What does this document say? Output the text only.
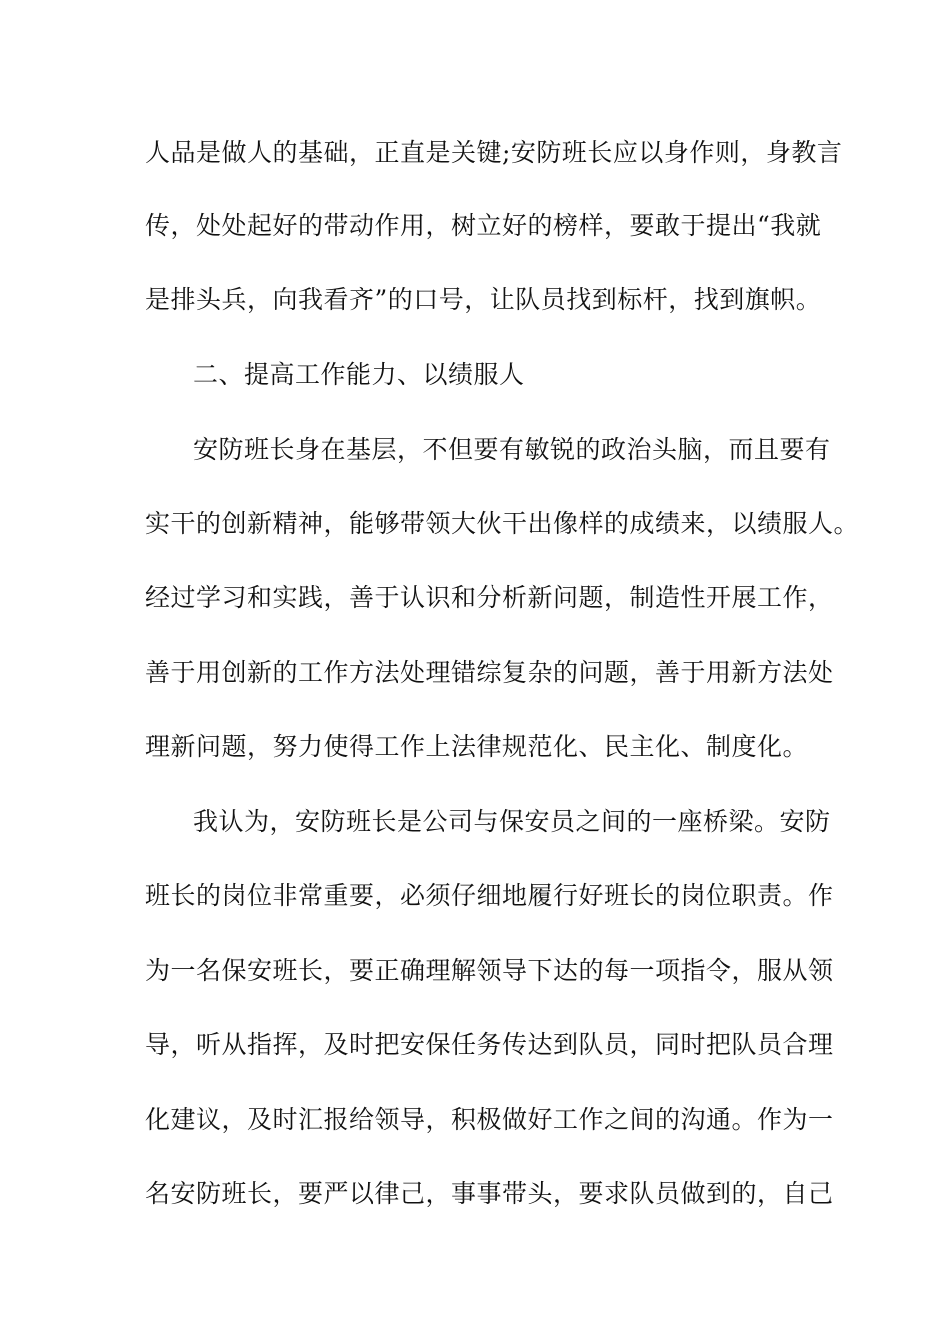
人品是做人的基础，正直是关键;安防班长应以身作则，身教言
传，处处起好的带动作用，树立好的榜样，要敢于提出“我就
是排头兵，向我看齐”的口号，让队员找到标杆，找到旗帜。
二、提高工作能力、以绩服人
安防班长身在基层，不但要有敏锐的政治头脑，而且要有
实干的创新精神，能够带领大伙干出像样的成绩来，以绩服人。
经过学习和实践，善于认识和分析新问题，制造性开展工作，
善于用创新的工作方法处理错综复杂的问题，善于用新方法处
理新问题，努力使得工作上法律规范化、民主化、制度化。
我认为，安防班长是公司与保安员之间的一座桥梁。安防
班长的岗位非常重要，必须仔细地履行好班长的岗位职责。作
为一名保安班长，要正确理解领导下达的每一项指令，服从领
导，听从指挥，及时把安保任务传达到队员，同时把队员合理
化建议，及时汇报给领导，积极做好工作之间的沟通。作为一
名安防班长，要严以律己，事事带头，要求队员做到的，自己
